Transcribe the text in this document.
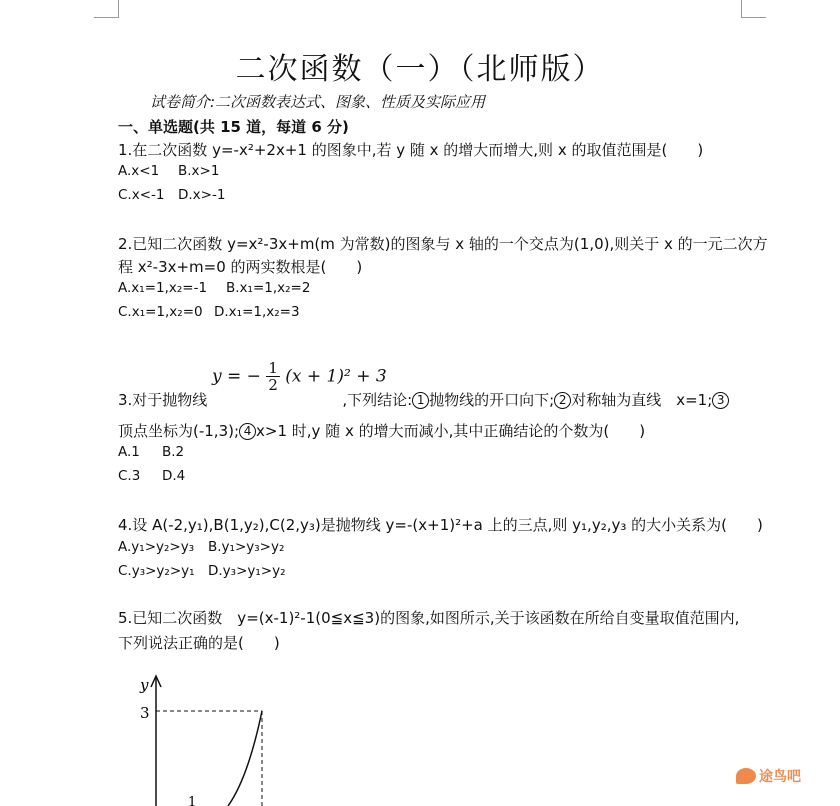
二次函数（一）（北师版）
试卷简介:二次函数表达式、图象、性质及实际应用
一、单选题(共 15 道，每道 6 分)
1.在二次函数 y=-x²+2x+1 的图象中,若 y 随 x 的增大而增大,则 x 的取值范围是(　　)
A.x<1 B.x>1
C.x<-1 D.x>-1
2.已知二次函数 y=x²-3x+m(m 为常数)的图象与 x 轴的一个交点为(1,0),则关于 x 的一元二次方
程 x²-3x+m=0 的两实数根是(　　)
A.x₁=1,x₂=-1 B.x₁=1,x₂=2
C.x₁=1,x₂=0 D.x₁=1,x₂=3
y = − $\frac{1}{2} (x + 1)^2 + 3$
3.对于抛物线	,下列结论: 1 抛物线的开口向下; 2 对称轴为直线　x=1; 3
顶点坐标为(-1,3); 4 x>1 时,y 随 x 的增大而减小,其中正确结论的个数为(　　)
A.1 B.2
C.3 D.4
4.设 A(-2,y₁),B(1,y₂),C(2,y₃)是抛物线 y=-(x+1)²+a 上的三点,则 y₁,y₂,y₃ 的大小关系为(　　)
A.y₁>y₂>y₃ B.y₁>y₃>y₂
C.y₃>y₂>y₁ D.y₃>y₁>y₂
5.已知二次函数　y=(x-1)²-1(0≦x≦3)的图象,如图所示,关于该函数在所给自变量取值范围内,
下列说法正确的是(　　)
y
3
1
途鸟吧
